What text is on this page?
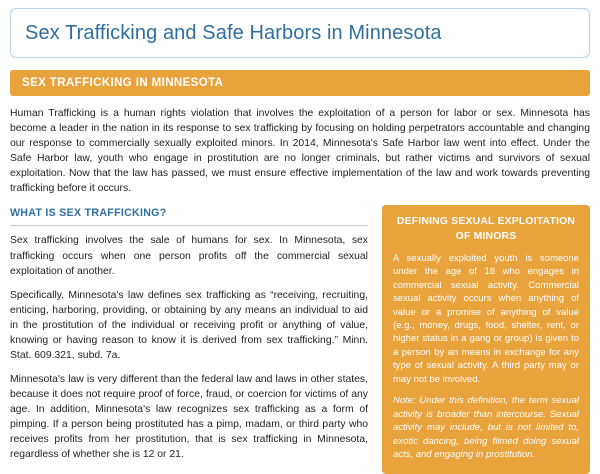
Sex Trafficking and Safe Harbors in Minnesota
SEX TRAFFICKING IN MINNESOTA

Human Trafficking is a human rights violation that involves the exploitation of a person for labor or sex. Minnesota has become a leader in the nation in its response to sex trafficking by focusing on holding perpetrators accountable and changing our response to commercially sexually exploited minors. In 2014, Minnesota's Safe Harbor law went into effect. Under the Safe Harbor law, youth who engage in prostitution are no longer criminals, but rather victims and survivors of sexual exploitation. Now that the law has passed, we must ensure effective implementation of the law and work towards preventing trafficking before it occurs.

WHAT IS SEX TRAFFICKING?

Sex trafficking involves the sale of humans for sex. In Minnesota, sex trafficking occurs when one person profits off the commercial sexual exploitation of another.

Specifically, Minnesota's law defines sex trafficking as “receiving, recruiting, enticing, harboring, providing, or obtaining by any means an individual to aid in the prostitution of the individual or receiving profit or anything of value, knowing or having reason to know it is derived from sex trafficking.” Minn. Stat. 609.321, subd. 7a.

Minnesota's law is very different than the federal law and laws in other states, because it does not require proof of force, fraud, or coercion for victims of any age. In addition, Minnesota's law recognizes sex trafficking as a form of pimping. If a person being prostituted has a pimp, madam, or third party who receives profits from her prostitution, that is sex trafficking in Minnesota, regardless of whether she is 12 or 21.

DEFINING SEXUAL EXPLOITATION OF MINORS

A sexually exploited youth is someone under the age of 18 who engages in commercial sexual activity. Commercial sexual activity occurs when anything of value or a promise of anything of value (e.g., money, drugs, food, shelter, rent, or higher status in a gang or group) is given to a person by an means in exchange for any type of sexual activity. A third party may or may not be involved.

Note: Under this definition, the term sexual activity is broader than intercourse. Sexual activity may include, but is not limited to, exotic dancing, being filmed doing sexual acts, and engaging in prostitution.
